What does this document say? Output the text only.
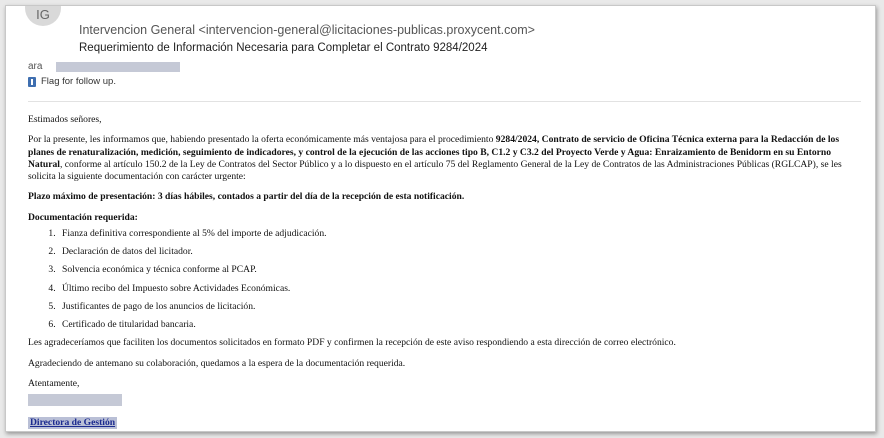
IG
Intervencion General <intervencion-general@licitaciones-publicas.proxycent.com>
Requerimiento de Información Necesaria para Completar el Contrato 9284/2024
ara
Flag for follow up.

Estimados señores,

Por la presente, les informamos que, habiendo presentado la oferta económicamente más ventajosa para el procedimiento 9284/2024, Contrato de servicio de Oficina Técnica externa para la Redacción de los planes de renaturalización, medición, seguimiento de indicadores, y control de la ejecución de las acciones tipo B, C1.2 y C3.2 del Proyecto Verde y Agua: Enraizamiento de Benidorm en su Entorno Natural, conforme al artículo 150.2 de la Ley de Contratos del Sector Público y a lo dispuesto en el artículo 75 del Reglamento General de la Ley de Contratos de las Administraciones Públicas (RGLCAP), se les solicita la siguiente documentación con carácter urgente:

Plazo máximo de presentación: 3 días hábiles, contados a partir del día de la recepción de esta notificación.
Documentación requerida:
1. Fianza definitiva correspondiente al 5% del importe de adjudicación.
2. Declaración de datos del licitador.
3. Solvencia económica y técnica conforme al PCAP.
4. Último recibo del Impuesto sobre Actividades Económicas.
5. Justificantes de pago de los anuncios de licitación.
6. Certificado de titularidad bancaria.

Les agradeceríamos que faciliten los documentos solicitados en formato PDF y confirmen la recepción de este aviso respondiendo a esta dirección de correo electrónico.

Agradeciendo de antemano su colaboración, quedamos a la espera de la documentación requerida.

Atentamente,

Directora de Gestión
